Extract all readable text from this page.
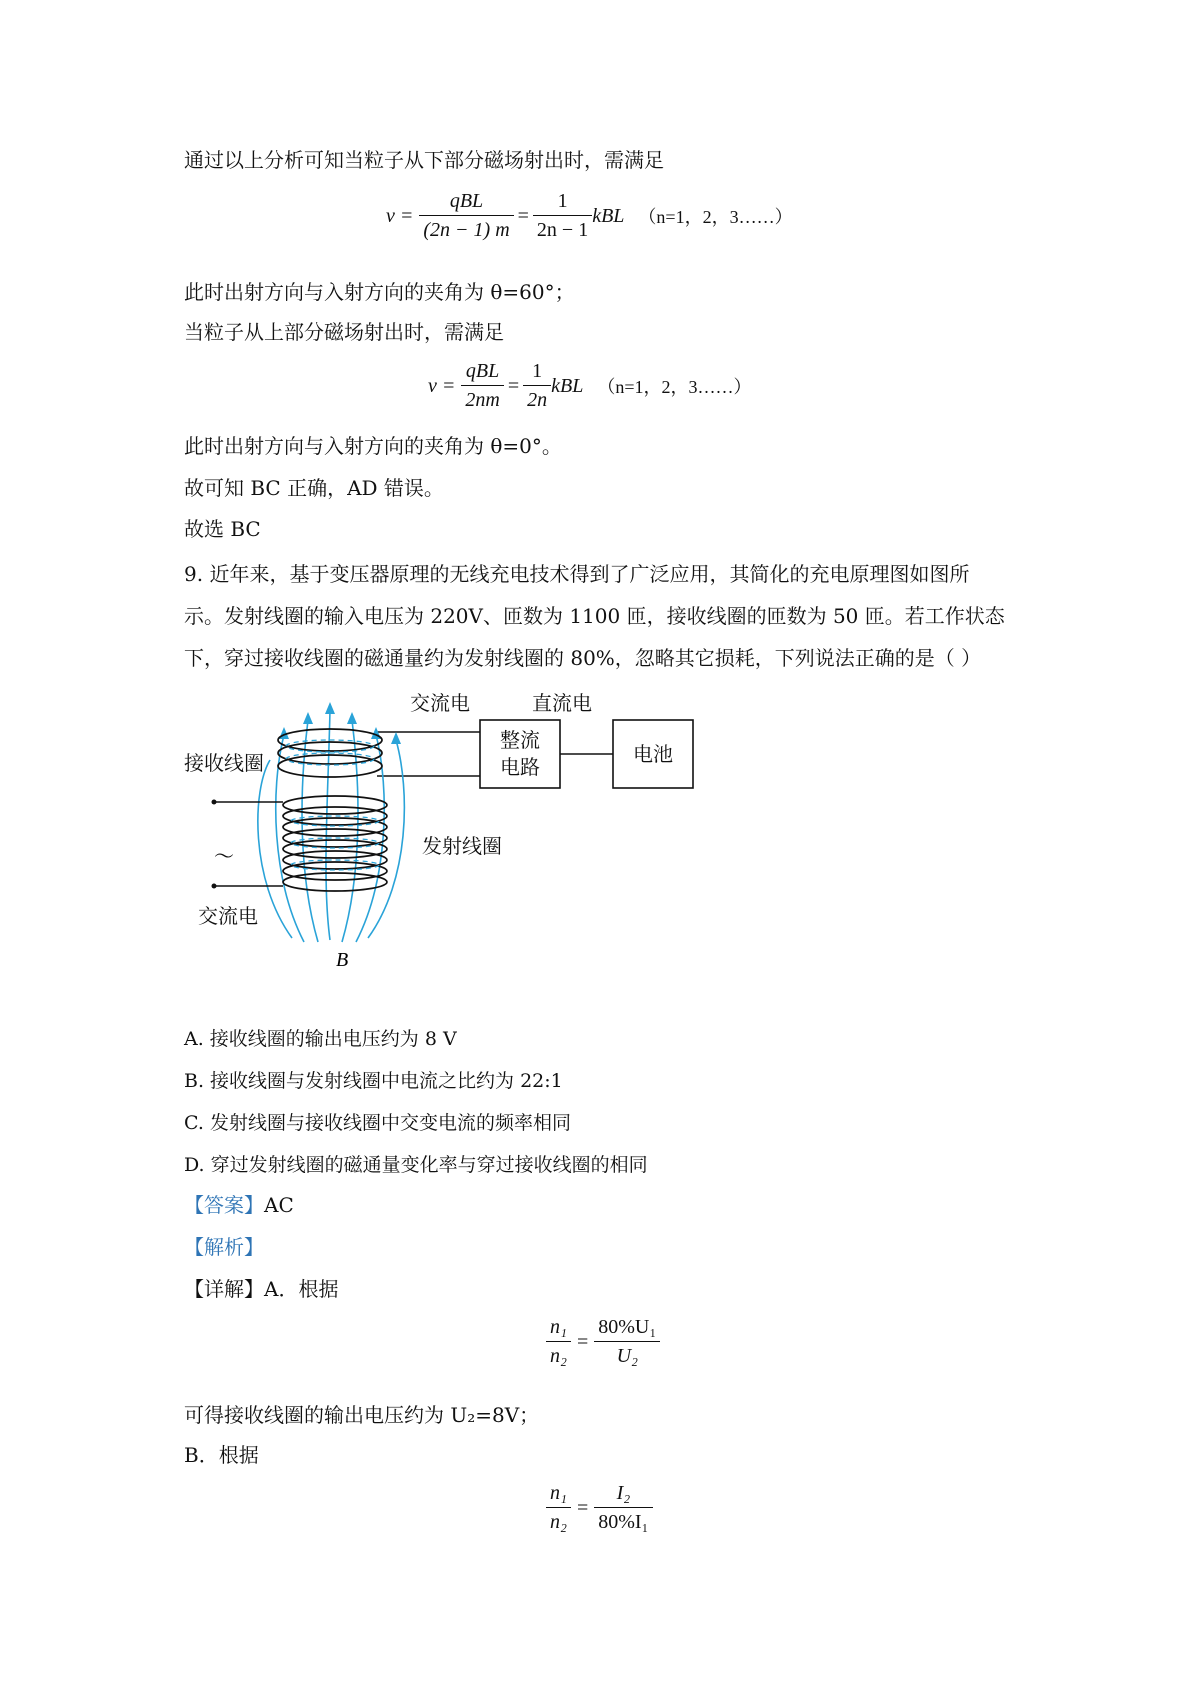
通过以上分析可知当粒子从下部分磁场射出时，需满足
$v = \frac{\text{qBL}}{(2n - 1) m} = \frac{1}{2n - 1}$ kBL （n=1，2，3……）
此时出射方向与入射方向的夹角为 θ=60°；
当粒子从上部分磁场射出时，需满足
$v = \frac{\text{qBL}}{2nm} = \frac{1}{2n}$ kBL （n=1，2，3……）
此时出射方向与入射方向的夹角为 θ=0°。
故可知 BC 正确，AD 错误。
故选 BC
9. 近年来，基于变压器原理的无线充电技术得到了广泛应用，其简化的充电原理图如图所
示。发射线圈的输入电压为 220V、匝数为 1100 匝，接收线圈的匝数为 50 匝。若工作状态
下，穿过接收线圈的磁通量约为发射线圈的 80%，忽略其它损耗，下列说法正确的是（ ）
交流电	直流电
接收线圈
发射线圈
交流电
～
B
整流
电路
电池
A. 接收线圈的输出电压约为 8 V
B. 接收线圈与发射线圈中电流之比约为 22:1
C. 发射线圈与接收线圈中交变电流的频率相同
D. 穿过发射线圈的磁通量变化率与穿过接收线圈的相同
【答案】AC
【解析】
【详解】A．根据
$\frac{\text{n₁}}{\text{n₂}} = \frac{\text{80\%U₁}}{\text{U₂}}$
可得接收线圈的输出电压约为 U₂=8V；
B．根据
$\frac{\text{n₁}}{\text{n₂}} = \frac{\text{I₂}}{\text{80\%I₁}}$
